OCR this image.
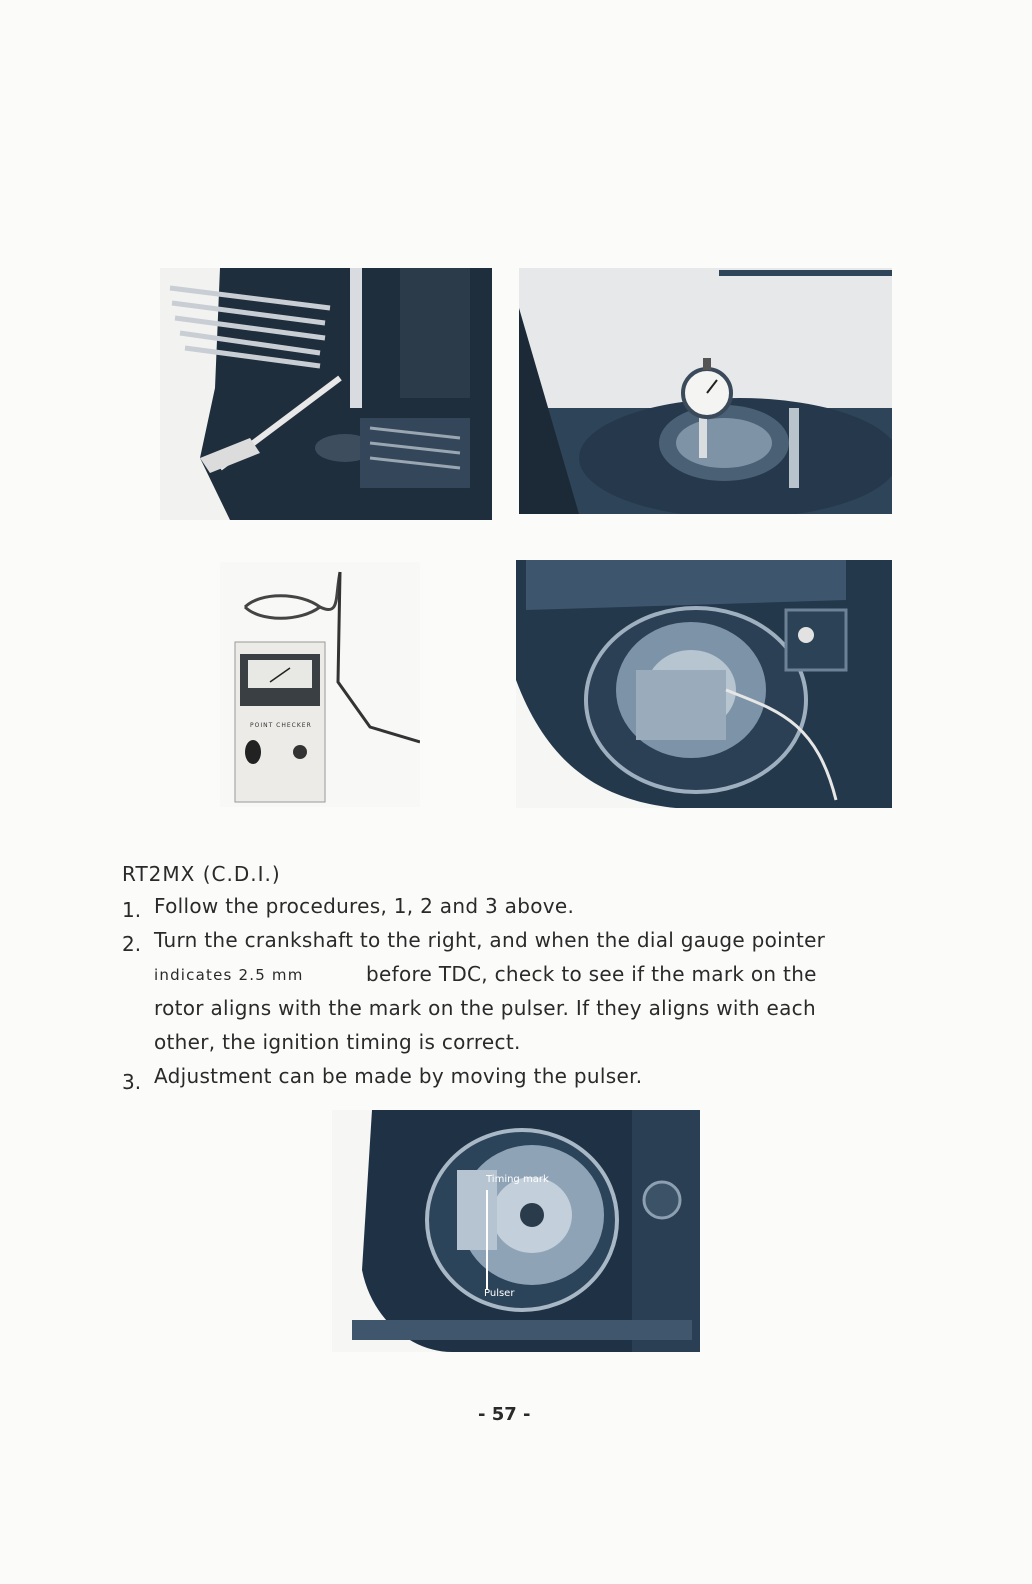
POINT CHECKER
RT2MX (C.D.I.)
1. Follow the procedures, 1, 2 and 3 above.
2. Turn the crankshaft to the right, and when the dial gauge pointer
indicates 2.5 mm	before TDC, check to see if the mark on the
rotor aligns with the mark on the pulser. If they aligns with each
other, the ignition timing is correct.
3. Adjustment can be made by moving the pulser.
Timing mark
Pulser
- 57 -
